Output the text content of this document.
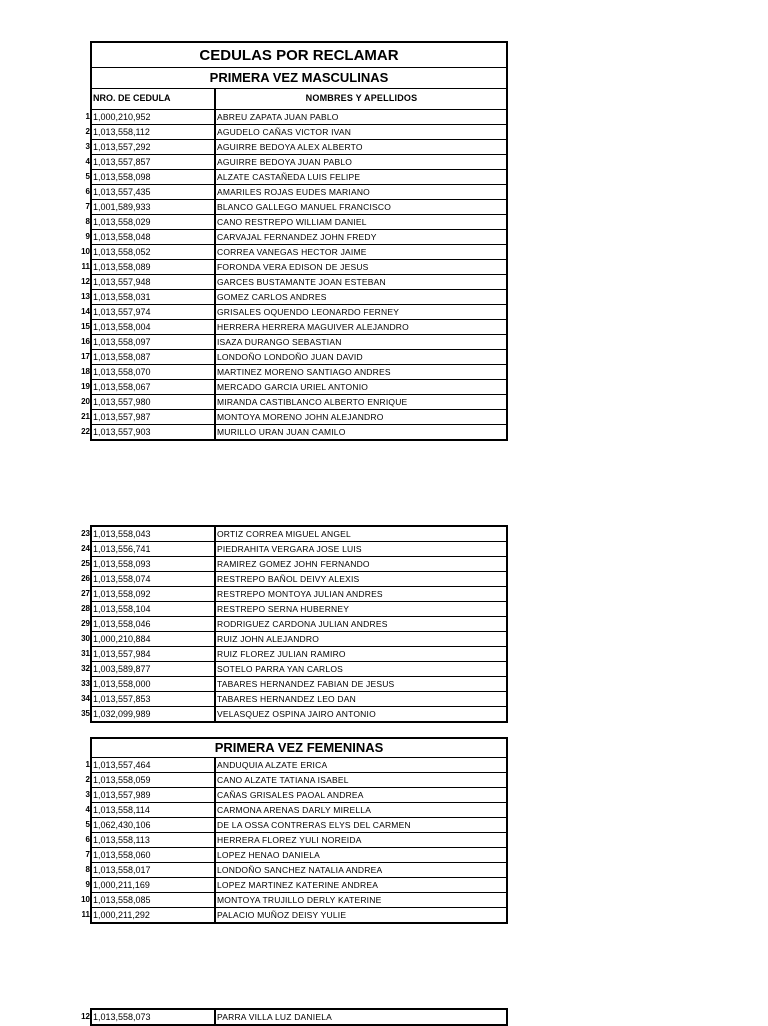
CEDULAS POR RECLAMAR
PRIMERA VEZ MASCULINAS
NRO. DE CEDULA	NOMBRES Y APELLIDOS
1 1,000,210,952	ABREU ZAPATA JUAN PABLO
2 1,013,558,112	AGUDELO CAÑAS VICTOR IVAN
3 1,013,557,292	AGUIRRE BEDOYA ALEX ALBERTO
4 1,013,557,857	AGUIRRE BEDOYA JUAN PABLO
5 1,013,558,098	ALZATE CASTAÑEDA LUIS FELIPE
6 1,013,557,435	AMARILES ROJAS EUDES MARIANO
7 1,001,589,933	BLANCO GALLEGO MANUEL FRANCISCO
8 1,013,558,029	CANO RESTREPO WILLIAM DANIEL
9 1,013,558,048	CARVAJAL FERNANDEZ JOHN FREDY
10 1,013,558,052	CORREA VANEGAS HECTOR JAIME
11 1,013,558,089	FORONDA VERA EDISON DE JESUS
12 1,013,557,948	GARCES BUSTAMANTE JOAN ESTEBAN
13 1,013,558,031	GOMEZ CARLOS ANDRES
14 1,013,557,974	GRISALES OQUENDO LEONARDO FERNEY
15 1,013,558,004	HERRERA HERRERA MAGUIVER ALEJANDRO
16 1,013,558,097	ISAZA DURANGO SEBASTIAN
17 1,013,558,087	LONDOÑO LONDOÑO JUAN DAVID
18 1,013,558,070	MARTINEZ MORENO SANTIAGO ANDRES
19 1,013,558,067	MERCADO GARCIA URIEL ANTONIO
20 1,013,557,980	MIRANDA CASTIBLANCO ALBERTO ENRIQUE
21 1,013,557,987	MONTOYA MORENO JOHN ALEJANDRO
22 1,013,557,903	MURILLO URAN JUAN CAMILO
23 1,013,558,043	ORTIZ CORREA MIGUEL ANGEL
24 1,013,556,741	PIEDRAHITA VERGARA JOSE LUIS
25 1,013,558,093	RAMIREZ GOMEZ JOHN FERNANDO
26 1,013,558,074	RESTREPO BAÑOL DEIVY ALEXIS
27 1,013,558,092	RESTREPO MONTOYA JULIAN ANDRES
28 1,013,558,104	RESTREPO SERNA HUBERNEY
29 1,013,558,046	RODRIGUEZ CARDONA JULIAN ANDRES
30 1,000,210,884	RUIZ JOHN ALEJANDRO
31 1,013,557,984	RUIZ FLOREZ JULIAN RAMIRO
32 1,003,589,877	SOTELO PARRA YAN CARLOS
33 1,013,558,000	TABARES HERNANDEZ FABIAN DE JESUS
34 1,013,557,853	TABARES HERNANDEZ LEO DAN
35 1,032,099,989	VELASQUEZ OSPINA JAIRO ANTONIO
PRIMERA VEZ FEMENINAS
1 1,013,557,464	ANDUQUIA ALZATE ERICA
2 1,013,558,059	CANO ALZATE TATIANA ISABEL
3 1,013,557,989	CAÑAS GRISALES PAOAL ANDREA
4 1,013,558,114	CARMONA ARENAS DARLY MIRELLA
5 1,062,430,106	DE LA OSSA CONTRERAS ELYS DEL CARMEN
6 1,013,558,113	HERRERA FLOREZ YULI NOREIDA
7 1,013,558,060	LOPEZ HENAO DANIELA
8 1,013,558,017	LONDOÑO SANCHEZ NATALIA ANDREA
9 1,000,211,169	LOPEZ MARTINEZ KATERINE ANDREA
10 1,013,558,085	MONTOYA TRUJILLO DERLY KATERINE
11 1,000,211,292	PALACIO MUÑOZ DEISY YULIE
12 1,013,558,073	PARRA VILLA LUZ DANIELA
